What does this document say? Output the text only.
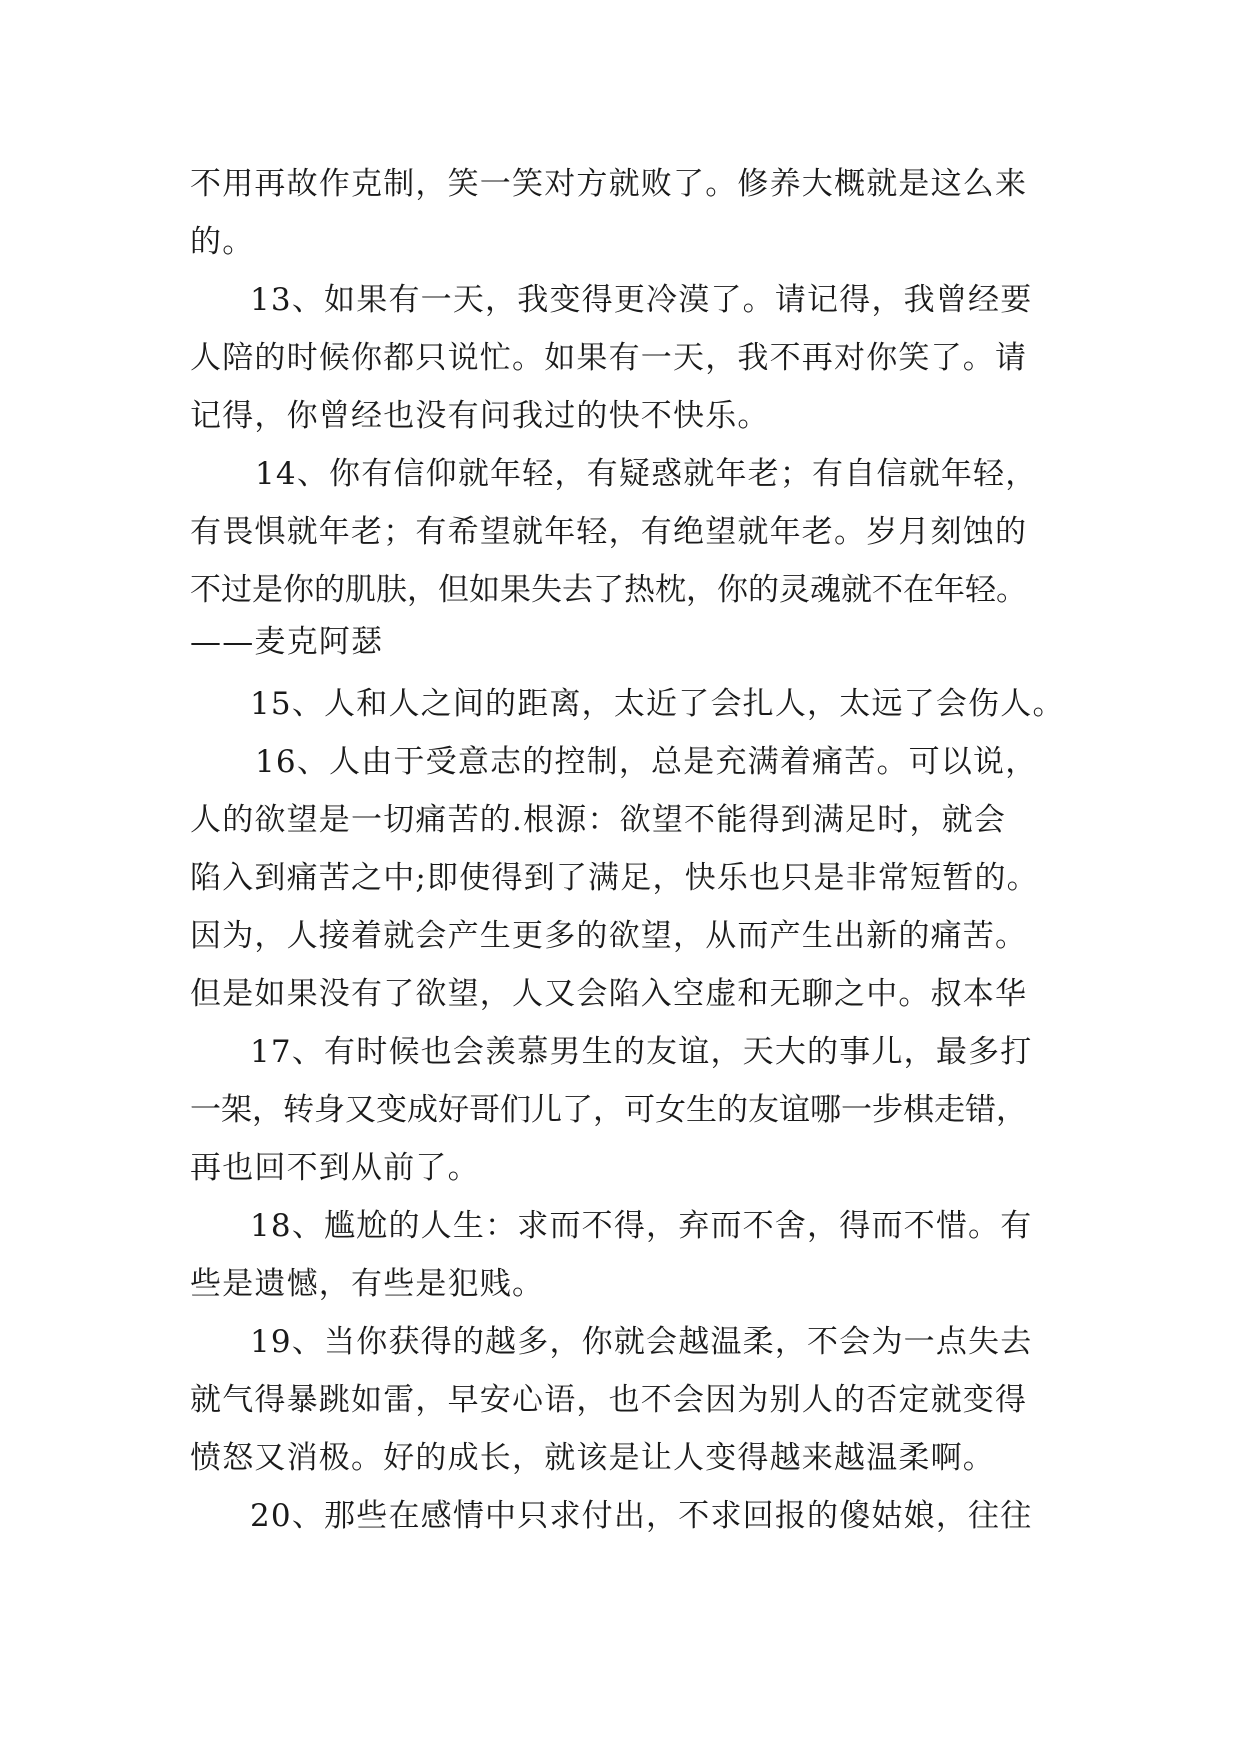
不用再故作克制，笑一笑对方就败了。修养大概就是这么来
的。
13、如果有一天，我变得更冷漠了。请记得，我曾经要
人陪的时候你都只说忙。如果有一天，我不再对你笑了。请
记得，你曾经也没有问我过的快不快乐。
14、你有信仰就年轻，有疑惑就年老；有自信就年轻，
有畏惧就年老；有希望就年轻，有绝望就年老。岁月刻蚀的
不过是你的肌肤，但如果失去了热枕，你的灵魂就不在年轻。
——麦克阿瑟
15、人和人之间的距离，太近了会扎人，太远了会伤人。
16、人由于受意志的控制，总是充满着痛苦。可以说，
人的欲望是一切痛苦的.根源：欲望不能得到满足时，就会
陷入到痛苦之中;即使得到了满足，快乐也只是非常短暂的。
因为，人接着就会产生更多的欲望，从而产生出新的痛苦。
但是如果没有了欲望，人又会陷入空虚和无聊之中。叔本华
17、有时候也会羡慕男生的友谊，天大的事儿，最多打
一架，转身又变成好哥们儿了，可女生的友谊哪一步棋走错，
再也回不到从前了。
18、尴尬的人生：求而不得，弃而不舍，得而不惜。有
些是遗憾，有些是犯贱。
19、当你获得的越多，你就会越温柔，不会为一点失去
就气得暴跳如雷，早安心语，也不会因为别人的否定就变得
愤怒又消极。好的成长，就该是让人变得越来越温柔啊。
20、那些在感情中只求付出，不求回报的傻姑娘，往往
